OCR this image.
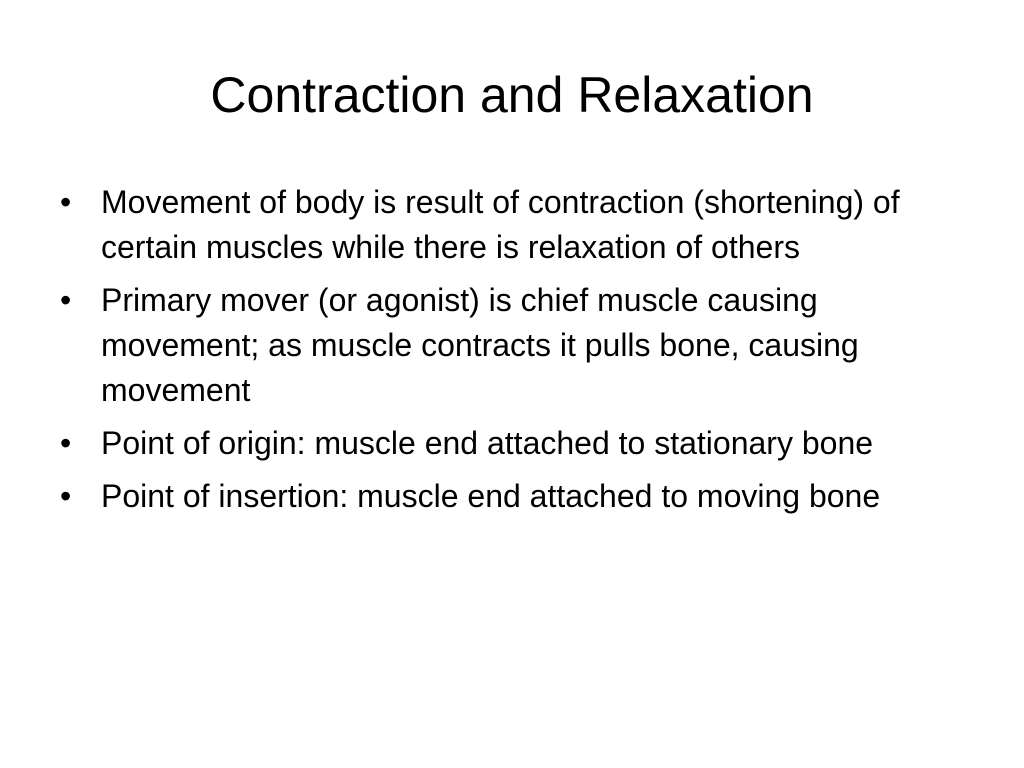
Contraction and Relaxation
• Movement of body is result of contraction (shortening) of certain muscles while there is relaxation of others
• Primary mover (or agonist) is chief muscle causing movement; as muscle contracts it pulls bone, causing movement
• Point of origin: muscle end attached to stationary bone
• Point of insertion: muscle end attached to moving bone
